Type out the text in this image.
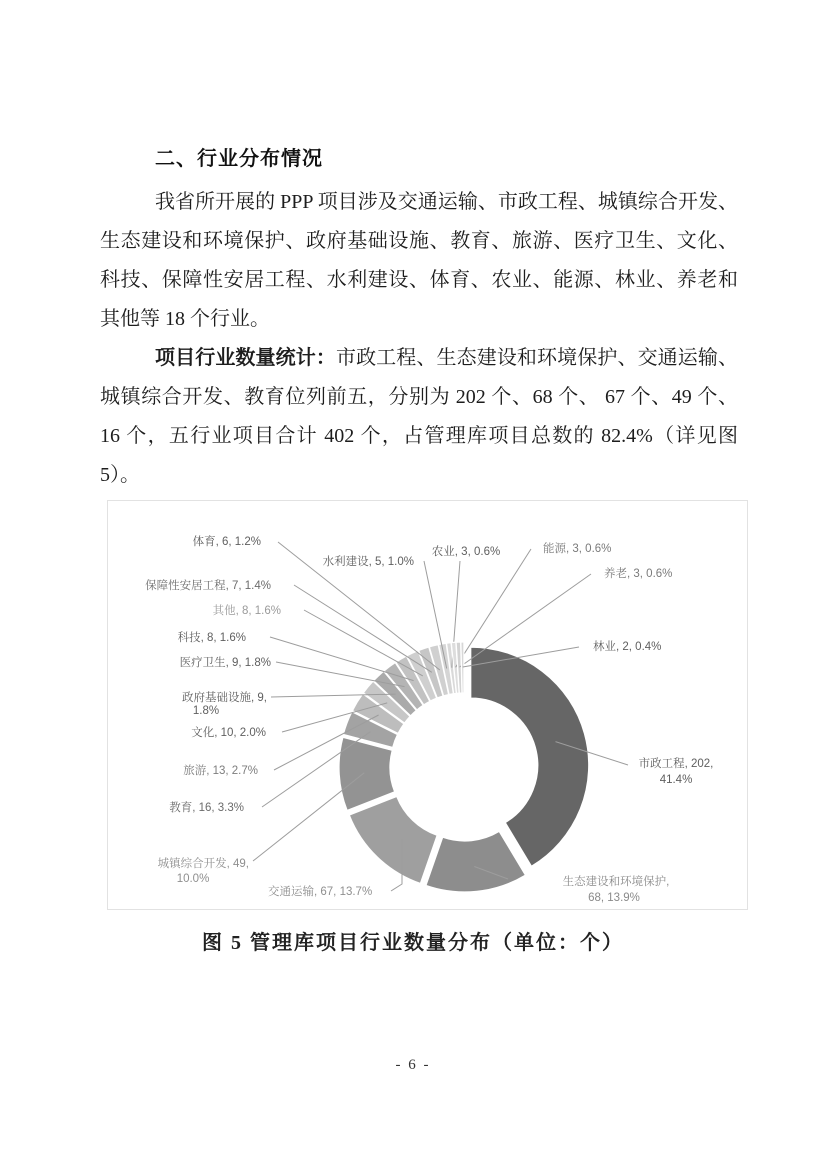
二、行业分布情况

我省所开展的 PPP 项目涉及交通运输、市政工程、城镇综合开发、生态建设和环境保护、政府基础设施、教育、旅游、医疗卫生、文化、科技、保障性安居工程、水利建设、体育、农业、能源、林业、养老和其他等 18 个行业。

项目行业数量统计：市政工程、生态建设和环境保护、交通运输、城镇综合开发、教育位列前五，分别为 202 个、68 个、 67 个、49 个、16 个，五行业项目合计 402 个，占管理库项目总数的 82.4%（详见图 5）。

市政工程, 202,
41.4%
生态建设和环境保护,
68, 13.9%
交通运输, 67, 13.7%
城镇综合开发, 49,
10.0%
教育, 16, 3.3%
旅游, 13, 2.7%
文化, 10, 2.0%
政府基础设施, 9,
1.8%
医疗卫生, 9, 1.8%
科技, 8, 1.6%
其他, 8, 1.6%
保障性安居工程, 7, 1.4%
体育, 6, 1.2%
水利建设, 5, 1.0%
农业, 3, 0.6%	能源, 3, 0.6%
养老, 3, 0.6%
林业, 2, 0.4%
图 5 管理库项目行业数量分布（单位：个）
- 6 -
